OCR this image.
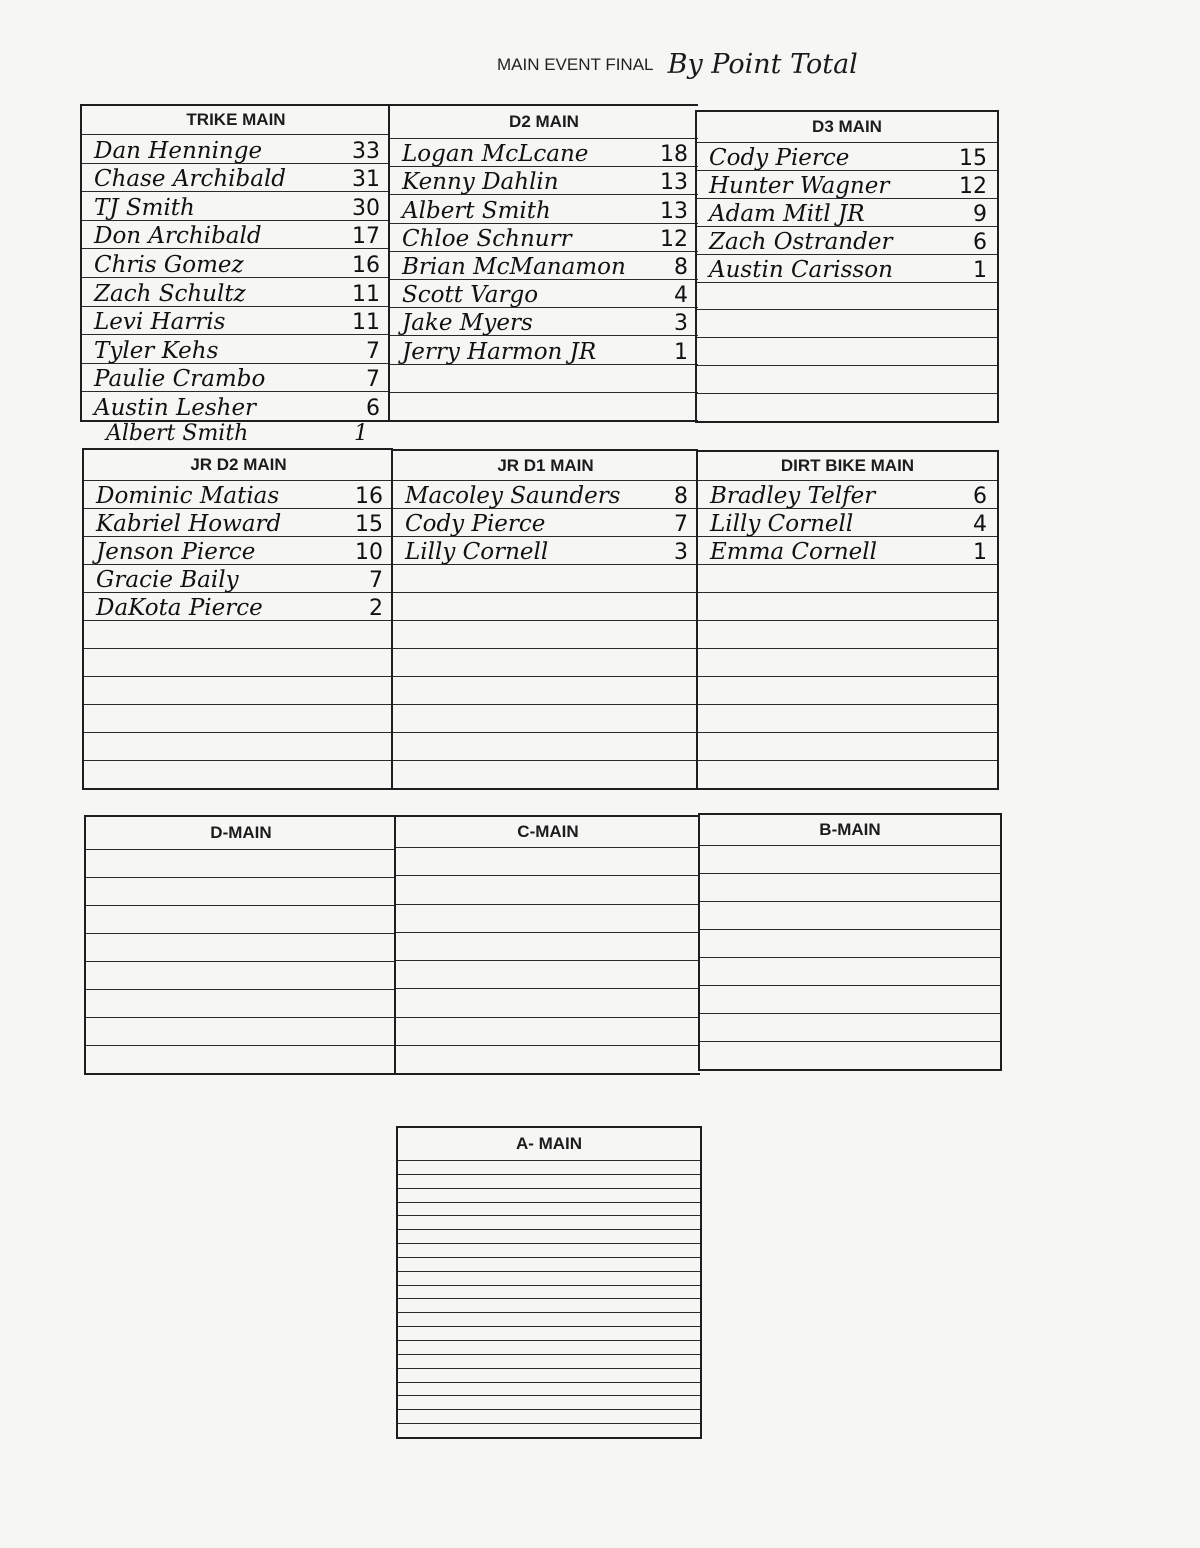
MAIN EVENT FINAL By Point Total
TRIKE MAIN
Dan Henninge	33
Chase Archibald	31
TJ Smith	30
Don Archibald	17
Chris Gomez	16
Zach Schultz	11
Levi Harris	11
Tyler Kehs	7
Paulie Crambo	7
Austin Lesher	6
D2 MAIN
Logan McLcane	18
Kenny Dahlin	13
Albert Smith	13
Chloe Schnurr	12
Brian McManamon 8
Scott Vargo	4
Jake Myers	3
Jerry Harmon JR	1
D3 MAIN
Cody Pierce	15
Hunter Wagner	12
Adam Mitl JR	9
Zach Ostrander	6
Austin Carisson	1
Albert Smith	1
JR D2 MAIN
Dominic Matias	16
Kabriel Howard	15
Jenson Pierce	10
Gracie Baily	7
DaKota Pierce	2
JR D1 MAIN
Macoley Saunders 8
Cody Pierce	7
Lilly Cornell	3
DIRT BIKE MAIN
Bradley Telfer	6
Lilly Cornell	4
Emma Cornell	1
D-MAIN	C-MAIN	B-MAIN
A- MAIN
